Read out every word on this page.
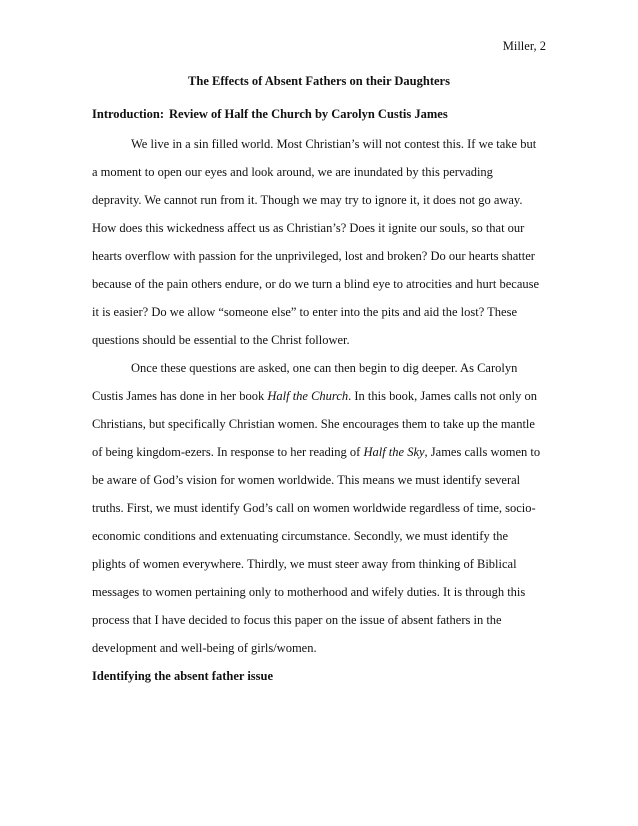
Miller, 2
The Effects of Absent Fathers on their Daughters
Introduction: Review of Half the Church by Carolyn Custis James
We live in a sin filled world. Most Christian’s will not contest this. If we take but
a moment to open our eyes and look around, we are inundated by this pervading
depravity. We cannot run from it. Though we may try to ignore it, it does not go away.
How does this wickedness affect us as Christian’s? Does it ignite our souls, so that our
hearts overflow with passion for the unprivileged, lost and broken? Do our hearts shatter
because of the pain others endure, or do we turn a blind eye to atrocities and hurt because
it is easier? Do we allow “someone else” to enter into the pits and aid the lost? These
questions should be essential to the Christ follower.
Once these questions are asked, one can then begin to dig deeper. As Carolyn
Custis James has done in her book Half the Church. In this book, James calls not only on
Christians, but specifically Christian women. She encourages them to take up the mantle
of being kingdom-ezers. In response to her reading of Half the Sky, James calls women to
be aware of God’s vision for women worldwide. This means we must identify several
truths. First, we must identify God’s call on women worldwide regardless of time, socio-
economic conditions and extenuating circumstance. Secondly, we must identify the
plights of women everywhere. Thirdly, we must steer away from thinking of Biblical
messages to women pertaining only to motherhood and wifely duties. It is through this
process that I have decided to focus this paper on the issue of absent fathers in the
development and well-being of girls/women.
Identifying the absent father issue
